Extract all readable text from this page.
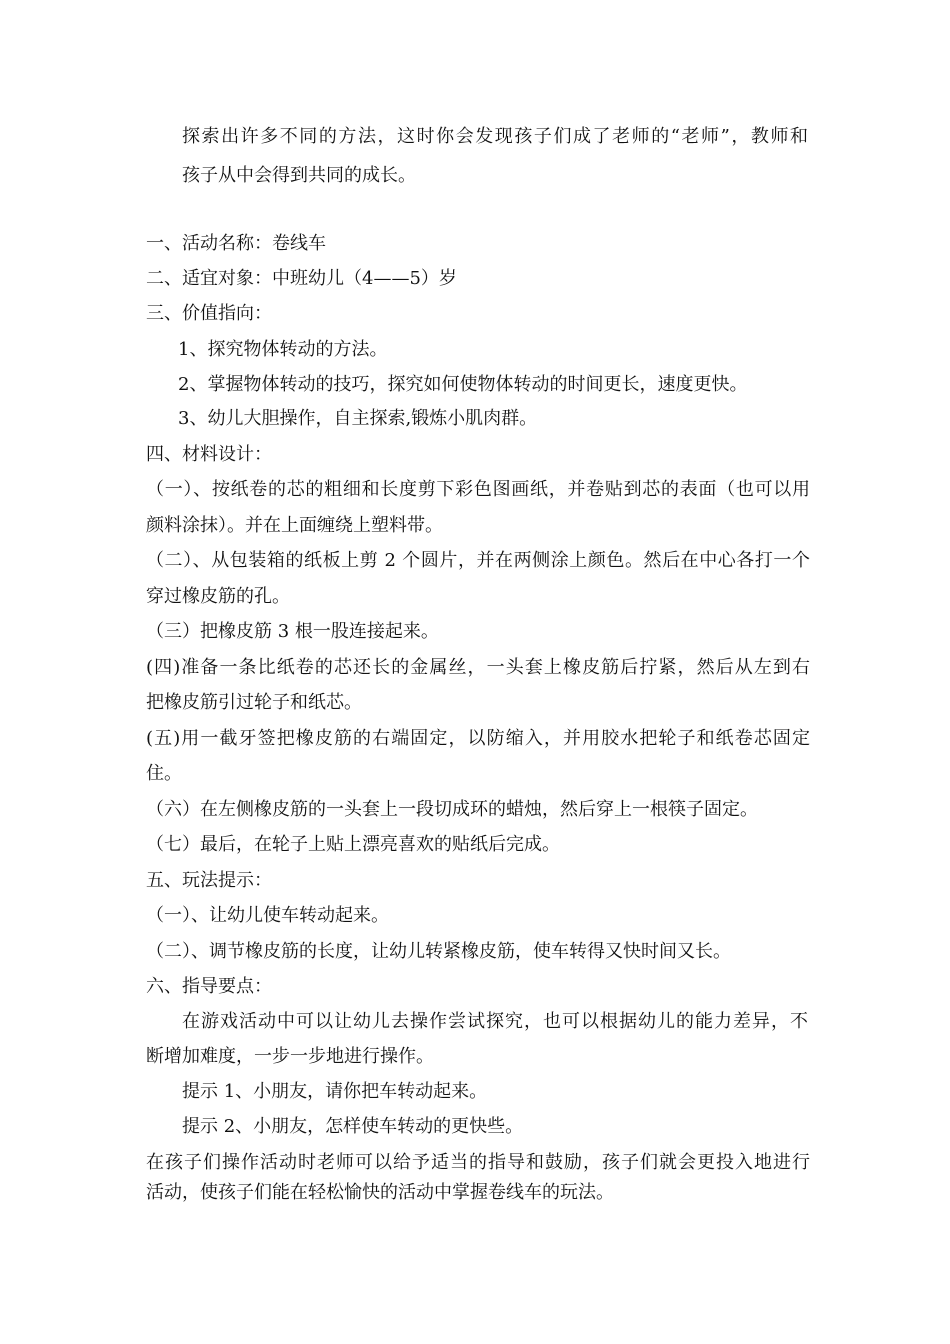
探索出许多不同的方法，这时你会发现孩子们成了老师的“老师”，教师和
孩子从中会得到共同的成长。
一、活动名称：卷线车
二、适宜对象：中班幼儿（4——5）岁
三、价值指向：
1、探究物体转动的方法。
2、掌握物体转动的技巧，探究如何使物体转动的时间更长，速度更快。
3、幼儿大胆操作，自主探索,锻炼小肌肉群。
四、材料设计：
（一）、按纸卷的芯的粗细和长度剪下彩色图画纸，并卷贴到芯的表面（也可以用
颜料涂抹）。并在上面缠绕上塑料带。
（二）、从包装箱的纸板上剪 2 个圆片，并在两侧涂上颜色。然后在中心各打一个
穿过橡皮筋的孔。
（三）把橡皮筋 3 根一股连接起来。
(四)准备一条比纸卷的芯还长的金属丝，一头套上橡皮筋后拧紧，然后从左到右
把橡皮筋引过轮子和纸芯。
(五)用一截牙签把橡皮筋的右端固定，以防缩入，并用胶水把轮子和纸卷芯固定
住。
（六）在左侧橡皮筋的一头套上一段切成环的蜡烛，然后穿上一根筷子固定。
（七）最后，在轮子上贴上漂亮喜欢的贴纸后完成。
五、玩法提示：
（一）、让幼儿使车转动起来。
（二）、调节橡皮筋的长度，让幼儿转紧橡皮筋，使车转得又快时间又长。
六、指导要点：
在游戏活动中可以让幼儿去操作尝试探究，也可以根据幼儿的能力差异，不
断增加难度，一步一步地进行操作。
提示 1、小朋友，请你把车转动起来。
提示 2、小朋友，怎样使车转动的更快些。
在孩子们操作活动时老师可以给予适当的指导和鼓励，孩子们就会更投入地进行
活动，使孩子们能在轻松愉快的活动中掌握卷线车的玩法。
